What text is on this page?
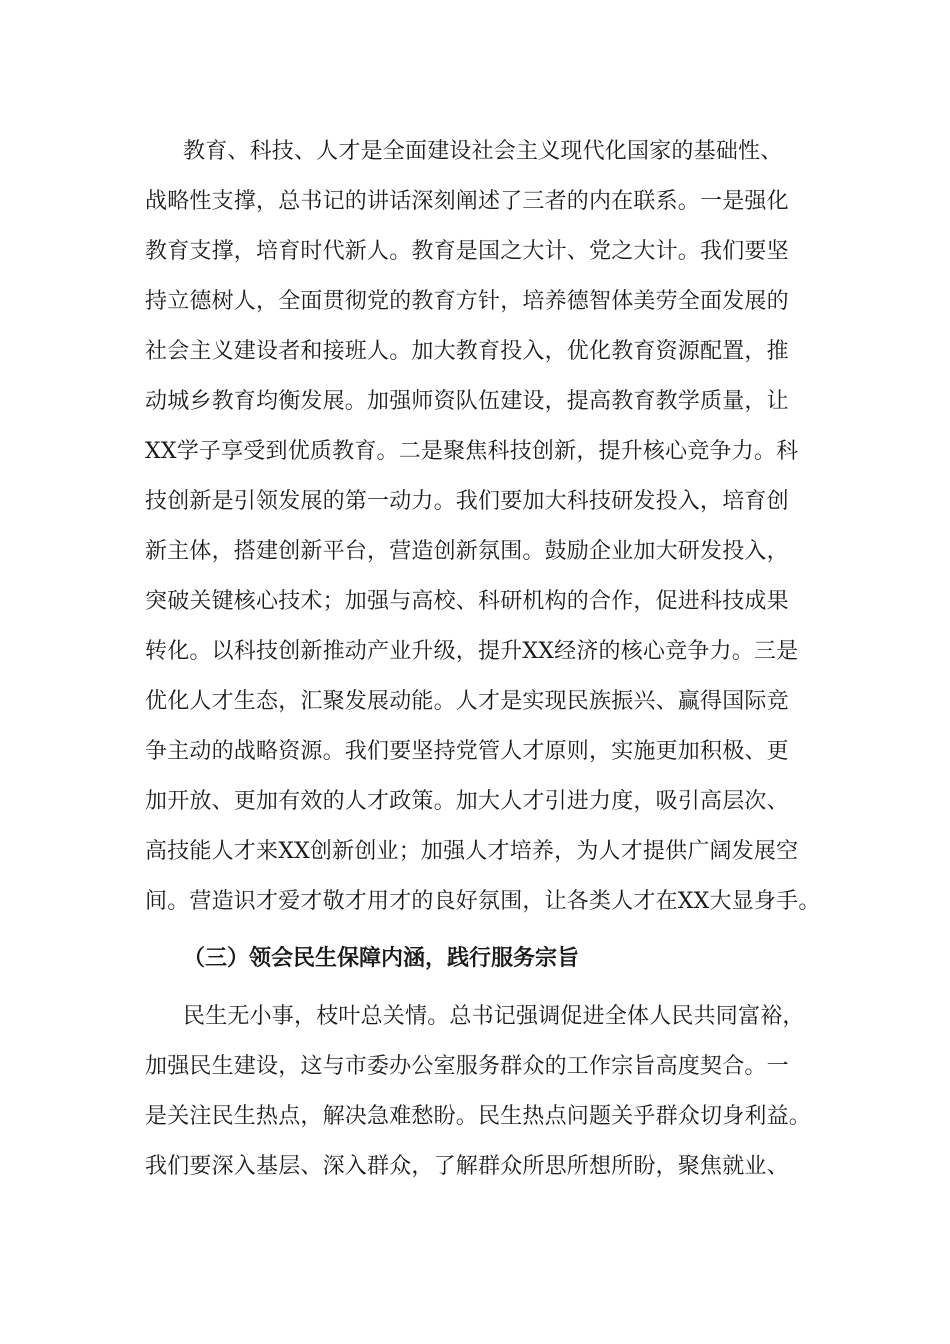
教育、科技、人才是全面建设社会主义现代化国家的基础性、
战略性支撑，总书记的讲话深刻阐述了三者的内在联系。一是强化
教育支撑，培育时代新人。教育是国之大计、党之大计。我们要坚
持立德树人，全面贯彻党的教育方针，培养德智体美劳全面发展的
社会主义建设者和接班人。加大教育投入，优化教育资源配置，推
动城乡教育均衡发展。加强师资队伍建设，提高教育教学质量，让
XX学子享受到优质教育。二是聚焦科技创新，提升核心竞争力。科
技创新是引领发展的第一动力。我们要加大科技研发投入，培育创
新主体，搭建创新平台，营造创新氛围。鼓励企业加大研发投入，
突破关键核心技术；加强与高校、科研机构的合作，促进科技成果
转化。以科技创新推动产业升级，提升XX经济的核心竞争力。三是
优化人才生态，汇聚发展动能。人才是实现民族振兴、赢得国际竞
争主动的战略资源。我们要坚持党管人才原则，实施更加积极、更
加开放、更加有效的人才政策。加大人才引进力度，吸引高层次、
高技能人才来XX创新创业；加强人才培养，为人才提供广阔发展空
间。营造识才爱才敬才用才的良好氛围，让各类人才在XX大显身手。
（三）领会民生保障内涵，践行服务宗旨
民生无小事，枝叶总关情。总书记强调促进全体人民共同富裕，
加强民生建设，这与市委办公室服务群众的工作宗旨高度契合。一
是关注民生热点，解决急难愁盼。民生热点问题关乎群众切身利益。
我们要深入基层、深入群众，了解群众所思所想所盼，聚焦就业、
